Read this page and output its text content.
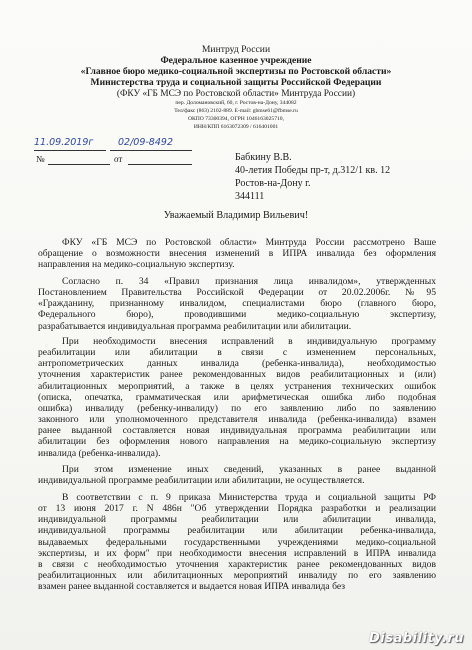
Минтруд России
Федеральное казенное учреждение
«Главное бюро медико-социальной экспертизы по Ростовской области»
Министерства труда и социальной защиты Российской Федерации
(ФКУ «ГБ МСЭ по Ростовской области» Минтруда России)
пер. Доломановский, 60, г. Ростов-на-Дону, 344082
Тел/факс (863) 2102-889. E-mail: gbmse61@fbmse.ru
ОКПО 73300394, ОГРН 1046163025710,
ИНН/КПП 6163072309 / 616401001
11.09.2019г	02/09-8492
№	от	Бабкину В.В.
40-летия Победы пр-т, д.312/1 кв. 12
Ростов-на-Дону г.
344111
Уважаемый Владимир Вильевич!
ФКУ «ГБ МСЭ по Ростовской области» Минтруда России рассмотрено Ваше
обращение о возможности внесения изменений в ИПРА инвалида без оформления
направления на медико-социальную экспертизу.
Согласно п. 34 «Правил признания лица инвалидом», утвержденных
Постановлением Правительства Российской Федерации от 20.02.2006г. №95
«Гражданину, признанному инвалидом, специалистами бюро (главного бюро,
Федерального бюро), проводившими медико-социальную экспертизу,
разрабатывается индивидуальная программа реабилитации или абилитации.
При необходимости внесения исправлений в индивидуальную программу
реабилитации или абилитации в связи с изменением персональных,
антропометрических данных инвалида (ребенка-инвалида), необходимостью
уточнения характеристик ранее рекомендованных видов реабилитационных и (или)
абилитационных мероприятий, а также в целях устранения технических ошибок
(описка, опечатка, грамматическая или арифметическая ошибка либо подобная
ошибка) инвалиду (ребенку-инвалиду) по его заявлению либо по заявлению
законного или уполномоченного представителя инвалида (ребенка-инвалида) взамен
ранее выданной составляется новая индивидуальная программа реабилитации или
абилитации без оформления нового направления на медико-социальную экспертизу
инвалида (ребенка-инвалида).
При этом изменение иных сведений, указанных в ранее выданной
индивидуальной программе реабилитации или абилитации, не осуществляется.
В соответствии с п. 9 приказа Министерства труда и социальной защиты РФ
от 13 июня 2017 г. N 486н "Об утверждении Порядка разработки и реализации
индивидуальной программы реабилитации или абилитации инвалида,
индивидуальной программы реабилитации или абилитации ребенка-инвалида,
выдаваемых федеральными государственными учреждениями медико-социальной
экспертизы, и их форм" при необходимости внесения исправлений в ИПРА инвалида
в связи с необходимостью уточнения характеристик ранее рекомендованных видов
реабилитационных или абилитационных мероприятий инвалиду по его заявлению
взамен ранее выданной составляется и выдается новая ИПРА инвалида без
Disability.ru
